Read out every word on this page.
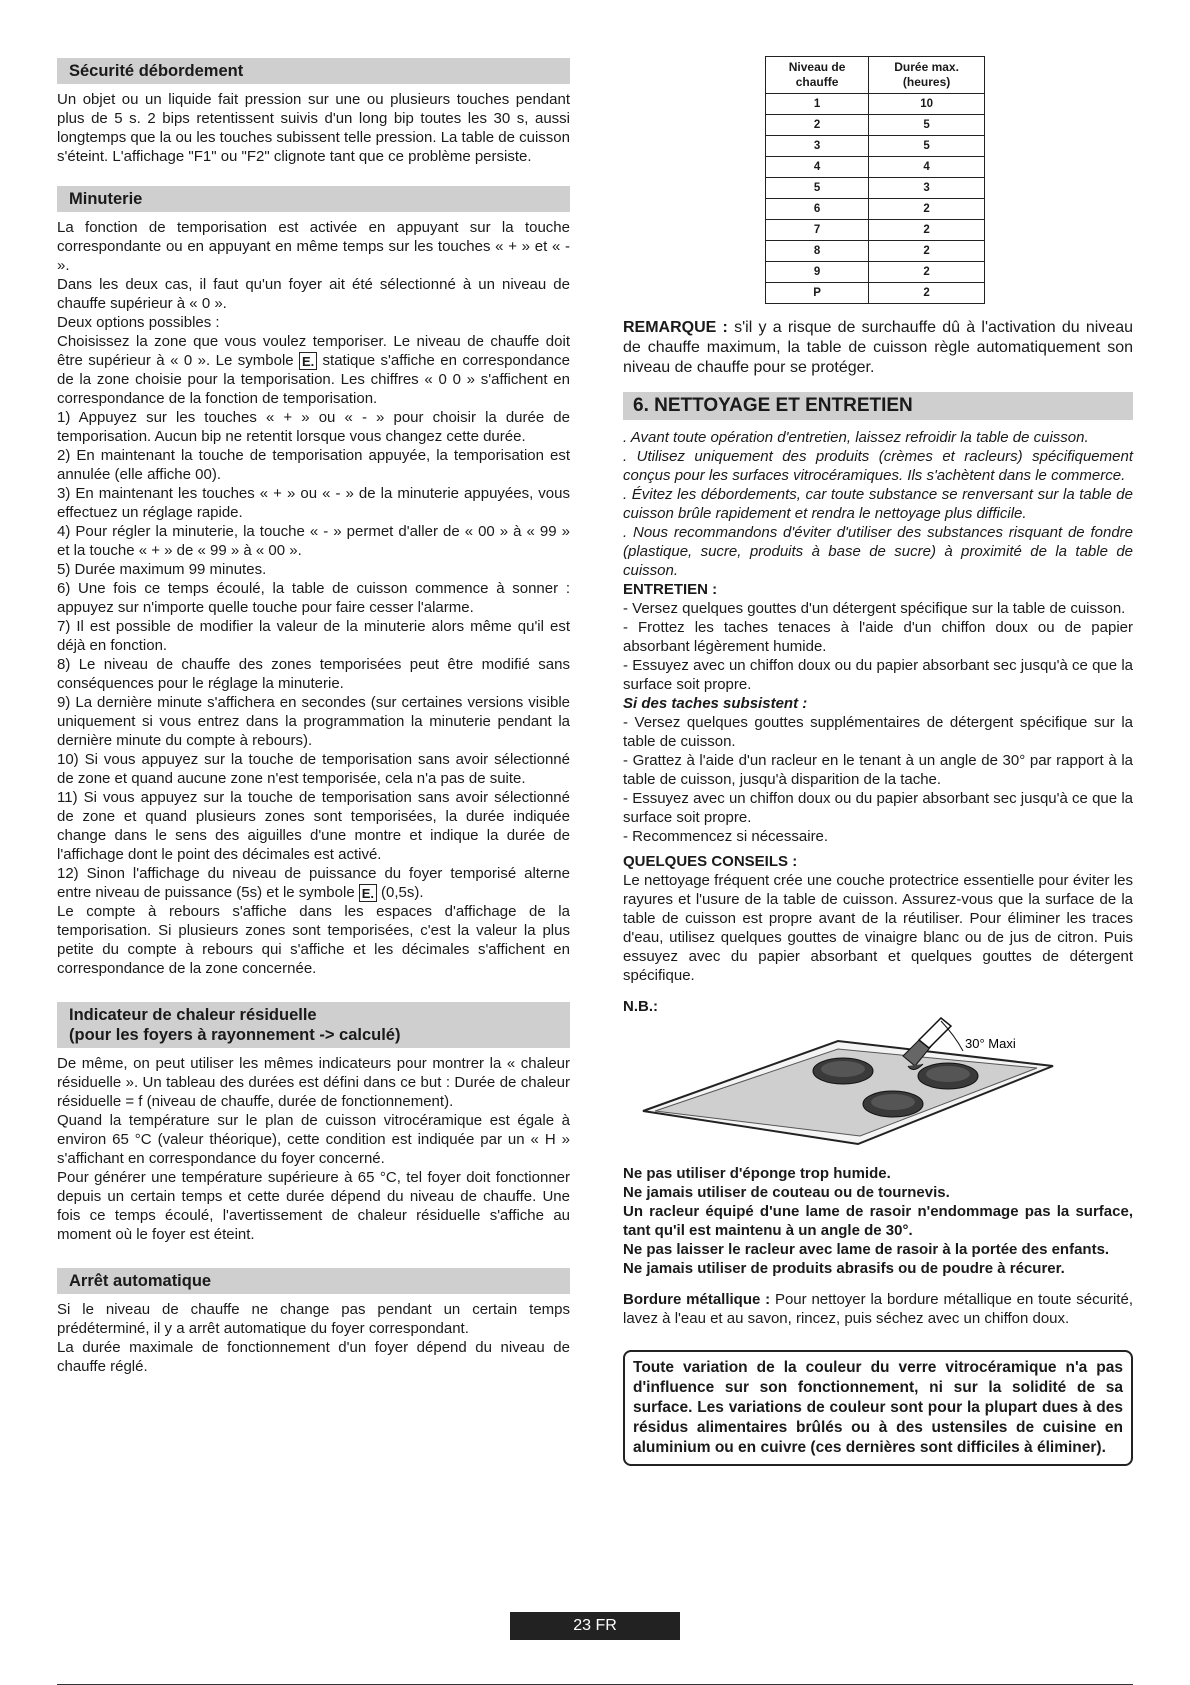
Sécurité débordement

Un objet ou un liquide fait pression sur une ou plusieurs touches pendant plus de 5 s. 2 bips retentissent suivis d'un long bip toutes les 30 s, aussi longtemps que la ou les touches subissent telle pression. La table de cuisson s'éteint. L'affichage "F1" ou "F2" clignote tant que ce problème persiste.

Minuterie

La fonction de temporisation est activée en appuyant sur la touche correspondante ou en appuyant en même temps sur les touches « + » et « - ».

Dans les deux cas, il faut qu'un foyer ait été sélectionné à un niveau de chauffe supérieur à « 0 ».

Deux options possibles :

Choisissez la zone que vous voulez temporiser. Le niveau de chauffe doit être supérieur à « 0 ». Le symbole E. statique s'affiche en correspondance de la zone choisie pour la temporisation. Les chiffres « 0 0 » s'affichent en correspondance de la fonction de temporisation.

1) Appuyez sur les touches « + » ou « - » pour choisir la durée de temporisation. Aucun bip ne retentit lorsque vous changez cette durée.

2) En maintenant la touche de temporisation appuyée, la temporisation est annulée (elle affiche 00).

3) En maintenant les touches « + » ou « - » de la minuterie appuyées, vous effectuez un réglage rapide.

4) Pour régler la minuterie, la touche « - » permet d'aller de « 00 » à « 99 » et la touche « + » de « 99 » à « 00 ».

5) Durée maximum 99 minutes.

6) Une fois ce temps écoulé, la table de cuisson commence à sonner : appuyez sur n'importe quelle touche pour faire cesser l'alarme.

7) Il est possible de modifier la valeur de la minuterie alors même qu'il est déjà en fonction.

8) Le niveau de chauffe des zones temporisées peut être modifié sans conséquences pour le réglage la minuterie.

9) La dernière minute s'affichera en secondes (sur certaines versions visible uniquement si vous entrez dans la programmation la minuterie pendant la dernière minute du compte à rebours).

10) Si vous appuyez sur la touche de temporisation sans avoir sélectionné de zone et quand aucune zone n'est temporisée, cela n'a pas de suite.

11) Si vous appuyez sur la touche de temporisation sans avoir sélectionné de zone et quand plusieurs zones sont temporisées, la durée indiquée change dans le sens des aiguilles d'une montre et indique la durée de l'affichage dont le point des décimales est activé.

12) Sinon l'affichage du niveau de puissance du foyer temporisé alterne entre niveau de puissance (5s) et le symbole E. (0,5s).

Le compte à rebours s'affiche dans les espaces d'affichage de la temporisation. Si plusieurs zones sont temporisées, c'est la valeur la plus petite du compte à rebours qui s'affiche et les décimales s'affichent en correspondance de la zone concernée.

Indicateur de chaleur résiduelle
(pour les foyers à rayonnement -> calculé)

De même, on peut utiliser les mêmes indicateurs pour montrer la « chaleur résiduelle ». Un tableau des durées est défini dans ce but : Durée de chaleur résiduelle = f (niveau de chauffe, durée de fonctionnement).

Quand la température sur le plan de cuisson vitrocéramique est égale à environ 65 °C (valeur théorique), cette condition est indiquée par un « H » s'affichant en correspondance du foyer concerné.

Pour générer une température supérieure à 65 °C, tel foyer doit fonctionner depuis un certain temps et cette durée dépend du niveau de chauffe. Une fois ce temps écoulé, l'avertissement de chaleur résiduelle s'affiche au moment où le foyer est éteint.

Arrêt automatique

Si le niveau de chauffe ne change pas pendant un certain temps prédéterminé, il y a arrêt automatique du foyer correspondant.

La durée maximale de fonctionnement d'un foyer dépend du niveau de chauffe réglé.

Niveau de chauffe	Durée max. (heures)
1	10
2	5
3	5
4	4
5	3
6	2
7	2
8	2
9	2
P	2

REMARQUE : s'il y a risque de surchauffe dû à l'activation du niveau de chauffe maximum, la table de cuisson règle automatiquement son niveau de chauffe pour se protéger.

6. NETTOYAGE ET ENTRETIEN

. Avant toute opération d'entretien, laissez refroidir la table de cuisson.

. Utilisez uniquement des produits (crèmes et racleurs) spécifiquement conçus pour les surfaces vitrocéramiques. Ils s'achètent dans le commerce.

. Évitez les débordements, car toute substance se renversant sur la table de cuisson brûle rapidement et rendra le nettoyage plus difficile.

. Nous recommandons d'éviter d'utiliser des substances risquant de fondre (plastique, sucre, produits à base de sucre) à proximité de la table de cuisson.

ENTRETIEN :

- Versez quelques gouttes d'un détergent spécifique sur la table de cuisson.

- Frottez les taches tenaces à l'aide d'un chiffon doux ou de papier absorbant légèrement humide.

- Essuyez avec un chiffon doux ou du papier absorbant sec jusqu'à ce que la surface soit propre.

Si des taches subsistent :

- Versez quelques gouttes supplémentaires de détergent spécifique sur la table de cuisson.

- Grattez à l'aide d'un racleur en le tenant à un angle de 30° par rapport à la table de cuisson, jusqu'à disparition de la tache.

- Essuyez avec un chiffon doux ou du papier absorbant sec jusqu'à ce que la surface soit propre.

- Recommencez si nécessaire.

QUELQUES CONSEILS :

Le nettoyage fréquent crée une couche protectrice essentielle pour éviter les rayures et l'usure de la table de cuisson. Assurez-vous que la surface de la table de cuisson est propre avant de la réutiliser. Pour éliminer les traces d'eau, utilisez quelques gouttes de vinaigre blanc ou de jus de citron. Puis essuyez avec du papier absorbant et quelques gouttes de détergent spécifique.

N.B.:

30° Maxi

Ne pas utiliser d'éponge trop humide.

Ne jamais utiliser de couteau ou de tournevis.

Un racleur équipé d'une lame de rasoir n'endommage pas la surface, tant qu'il est maintenu à un angle de 30°.

Ne pas laisser le racleur avec lame de rasoir à la portée des enfants.

Ne jamais utiliser de produits abrasifs ou de poudre à récurer.

Bordure métallique : Pour nettoyer la bordure métallique en toute sécurité, lavez à l'eau et au savon, rincez, puis séchez avec un chiffon doux.

Toute variation de la couleur du verre vitrocéramique n'a pas d'influence sur son fonctionnement, ni sur la solidité de sa surface. Les variations de couleur sont pour la plupart dues à des résidus alimentaires brûlés ou à des ustensiles de cuisine en aluminium ou en cuivre (ces dernières sont difficiles à éliminer).
23 FR
